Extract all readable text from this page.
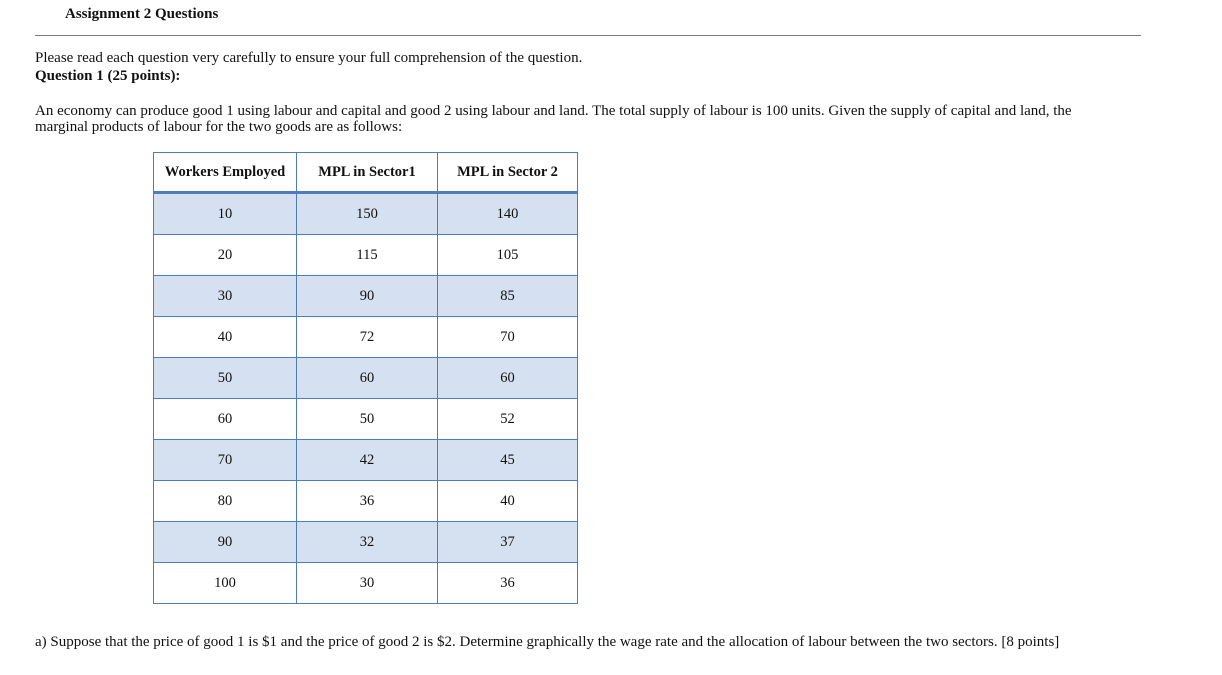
Assignment 2 Questions
Please read each question very carefully to ensure your full comprehension of the question.
Question 1 (25 points):
An economy can produce good 1 using labour and capital and good 2 using labour and land. The total supply of labour is 100 units. Given the supply of capital and land, the marginal products of labour for the two goods are as follows:
Workers Employed	MPL in Sector1	MPL in Sector 2
10	150	140
20	115	105
30	90	85
40	72	70
50	60	60
60	50	52
70	42	45
80	36	40
90	32	37
100	30	36
a) Suppose that the price of good 1 is $1 and the price of good 2 is $2. Determine graphically the wage rate and the allocation of labour between the two sectors. [8 points]
